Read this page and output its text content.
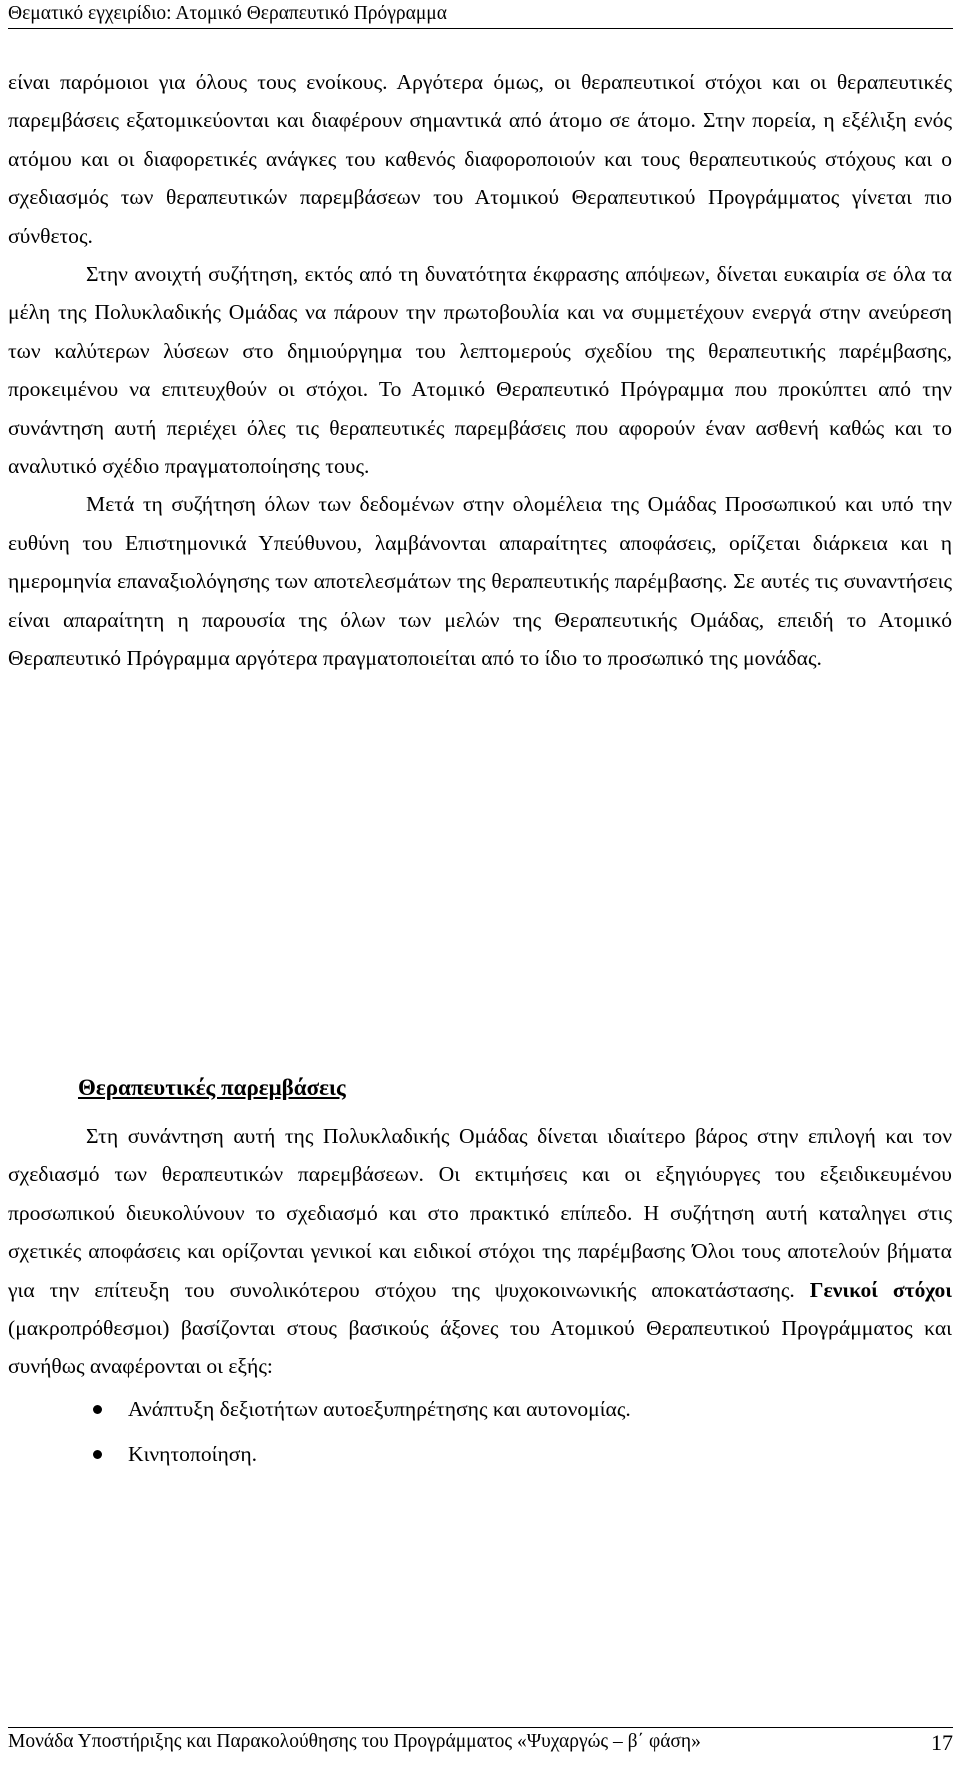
Θεματικό εγχειρίδιο: Ατομικό Θεραπευτικό Πρόγραμμα

είναι παρόμοιοι για όλους τους ενοίκους. Αργότερα όμως, οι θεραπευτικοί στόχοι και οι θεραπευτικές παρεμβάσεις εξατομικεύονται και διαφέρουν σημαντικά από άτομο σε άτομο. Στην πορεία, η εξέλιξη ενός ατόμου και οι διαφορετικές ανάγκες του καθενός διαφοροποιούν και τους θεραπευτικούς στόχους και ο σχεδιασμός των θεραπευτικών παρεμβάσεων του Ατομικού Θεραπευτικού Προγράμματος γίνεται πιο σύνθετος.

Στην ανοιχτή συζήτηση, εκτός από τη δυνατότητα έκφρασης απόψεων, δίνεται ευκαιρία σε όλα τα μέλη της Πολυκλαδικής Ομάδας να πάρουν την πρωτοβουλία και να συμμετέχουν ενεργά στην ανεύρεση των καλύτερων λύσεων στο δημιούργημα του λεπτομερούς σχεδίου της θεραπευτικής παρέμβασης, προκειμένου να επιτευχθούν οι στόχοι. Το Ατομικό Θεραπευτικό Πρόγραμμα που προκύπτει από την συνάντηση αυτή περιέχει όλες τις θεραπευτικές παρεμβάσεις που αφορούν έναν ασθενή καθώς και το αναλυτικό σχέδιο πραγματοποίησης τους.

Μετά τη συζήτηση όλων των δεδομένων στην ολομέλεια της Ομάδας Προσωπικού και υπό την ευθύνη του Επιστημονικά Υπεύθυνου, λαμβάνονται απαραίτητες αποφάσεις, ορίζεται διάρκεια και η ημερομηνία επαναξιολόγησης των αποτελεσμάτων της θεραπευτικής παρέμβασης. Σε αυτές τις συναντήσεις είναι απαραίτητη η παρουσία της όλων των μελών της Θεραπευτικής Ομάδας, επειδή το Ατομικό Θεραπευτικό Πρόγραμμα αργότερα πραγματοποιείται από το ίδιο το προσωπικό της μονάδας.

Θεραπευτικές παρεμβάσεις

Στη συνάντηση αυτή της Πολυκλαδικής Ομάδας δίνεται ιδιαίτερο βάρος στην επιλογή και τον σχεδιασμό των θεραπευτικών παρεμβάσεων. Οι εκτιμήσεις και οι εξηγιόυργες του εξειδικευμένου προσωπικού διευκολύνουν το σχεδιασμό και στο πρακτικό επίπεδο. Η συζήτηση αυτή καταληγει στις σχετικές αποφάσεις και ορίζονται γενικοί και ειδικοί στόχοι της παρέμβασης Όλοι τους αποτελούν βήματα για την επίτευξη του συνολικότερου στόχου της ψυχοκοινωνικής αποκατάστασης. Γενικοί στόχοι (μακροπρόθεσμοι) βασίζονται στους βασικούς άξονες του Ατομικού Θεραπευτικού Προγράμματος και συνήθως αναφέρονται οι εξής:

Ανάπτυξη δεξιοτήτων αυτοεξυπηρέτησης και αυτονομίας.
Κινητοποίηση.
Μονάδα Υποστήριξης και Παρακολούθησης του Προγράμματος «Ψυχαργώς – β΄ φάση»	17
